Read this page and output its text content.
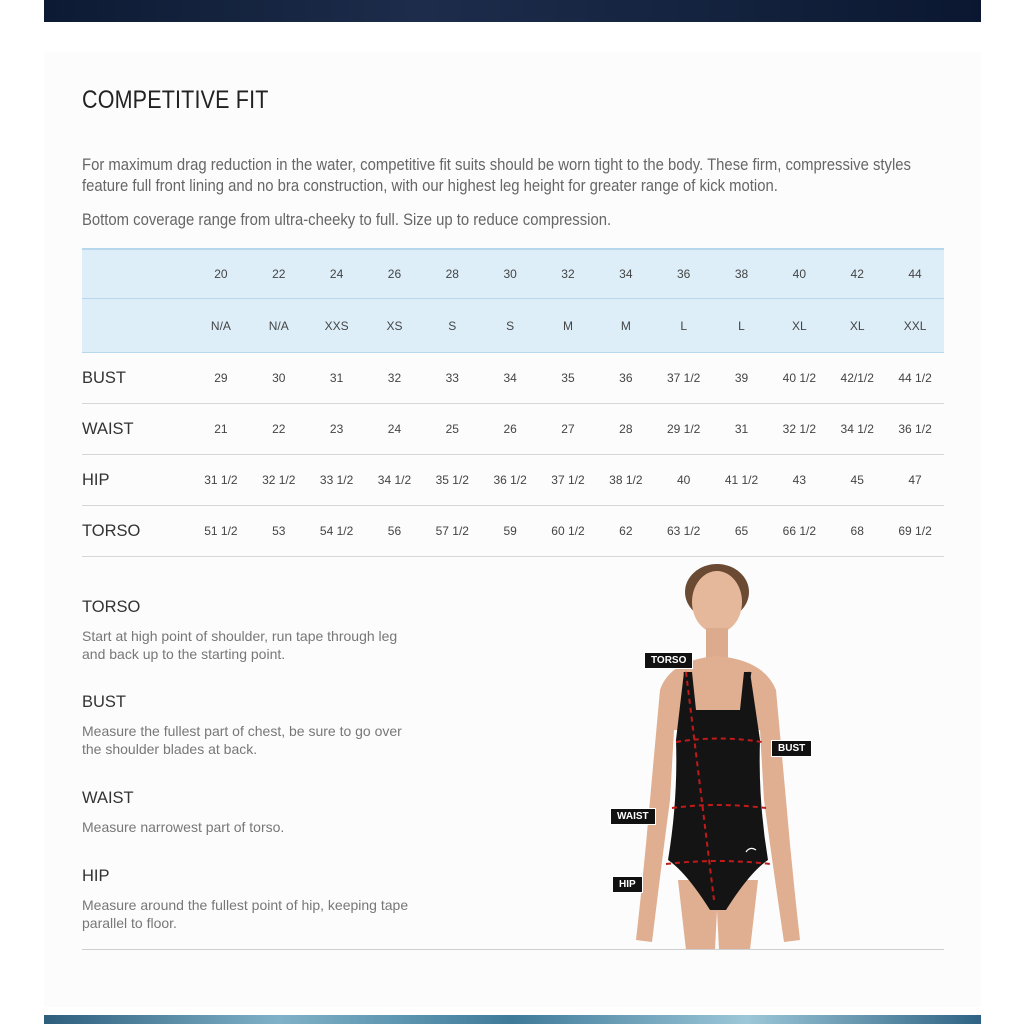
COMPETITIVE FIT

For maximum drag reduction in the water, competitive fit suits should be worn tight to the body. These firm, compressive styles feature full front lining and no bra construction, with our highest leg height for greater range of kick motion.

Bottom coverage range from ultra-cheeky to full. Size up to reduce compression.

	20	22	24	26	28	30	32	34	36	38	40	42	44
	N/A	N/A	XXS	XS	S	S	M	M	L	L	XL	XL	XXL
BUST	29	30	31	32	33	34	35	36	37 1/2	39	40 1/2	42/1/2	44 1/2
WAIST	21	22	23	24	25	26	27	28	29 1/2	31	32 1/2	34 1/2	36 1/2
HIP	31 1/2	32 1/2	33 1/2	34 1/2	35 1/2	36 1/2	37 1/2	38 1/2	40	41 1/2	43	45	47
TORSO	51 1/2	53	54 1/2	56	57 1/2	59	60 1/2	62	63 1/2	65	66 1/2	68	69 1/2
TORSO

Start at high point of shoulder, run tape through leg and back up to the starting point.

BUST

Measure the fullest part of chest, be sure to go over the shoulder blades at back.

WAIST

Measure narrowest part of torso.

HIP

Measure around the fullest point of hip, keeping tape parallel to floor.

TORSO
BUST
WAIST
HIP
